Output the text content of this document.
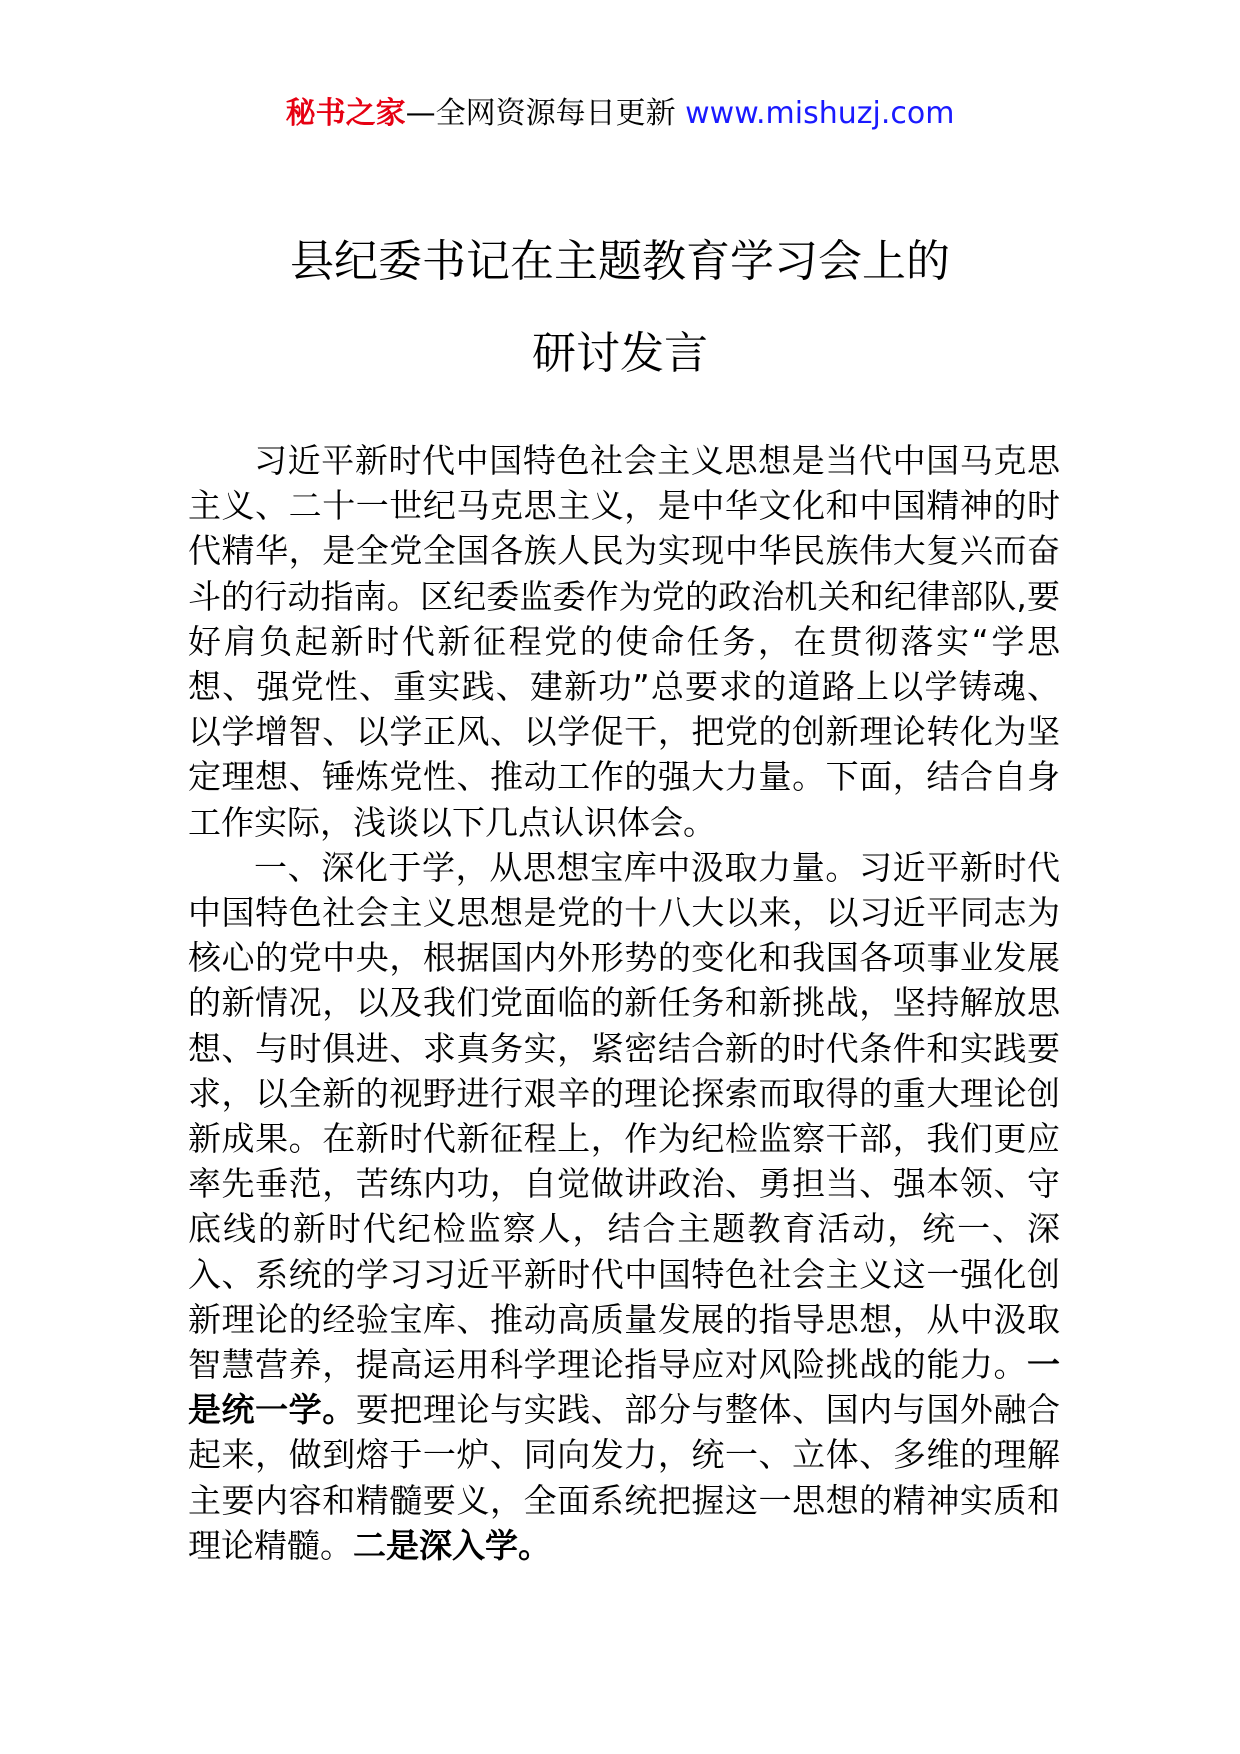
秘书之家—全网资源每日更新 www.mishuzj.com
县纪委书记在主题教育学习会上的
研讨发言

习近平新时代中国特色社会主义思想是当代中国马克思主义、二十一世纪马克思主义，是中华文化和中国精神的时代精华，是全党全国各族人民为实现中华民族伟大复兴而奋斗的行动指南。区纪委监委作为党的政治机关和纪律部队,要好肩负起新时代新征程党的使命任务，在贯彻落实“学思想、强党性、重实践、建新功”总要求的道路上以学铸魂、以学增智、以学正风、以学促干，把党的创新理论转化为坚定理想、锤炼党性、推动工作的强大力量。下面，结合自身工作实际，浅谈以下几点认识体会。

一、深化于学，从思想宝库中汲取力量。习近平新时代中国特色社会主义思想是党的十八大以来，以习近平同志为核心的党中央，根据国内外形势的变化和我国各项事业发展的新情况，以及我们党面临的新任务和新挑战，坚持解放思想、与时俱进、求真务实，紧密结合新的时代条件和实践要求，以全新的视野进行艰辛的理论探索而取得的重大理论创新成果。在新时代新征程上，作为纪检监察干部，我们更应率先垂范，苦练内功，自觉做讲政治、勇担当、强本领、守底线的新时代纪检监察人，结合主题教育活动，统一、深入、系统的学习习近平新时代中国特色社会主义这一强化创新理论的经验宝库、推动高质量发展的指导思想，从中汲取智慧营养，提高运用科学理论指导应对风险挑战的能力。一是统一学。要把理论与实践、部分与整体、国内与国外融合起来，做到熔于一炉、同向发力，统一、立体、多维的理解主要内容和精髓要义，全面系统把握这一思想的精神实质和理论精髓。二是深入学。
